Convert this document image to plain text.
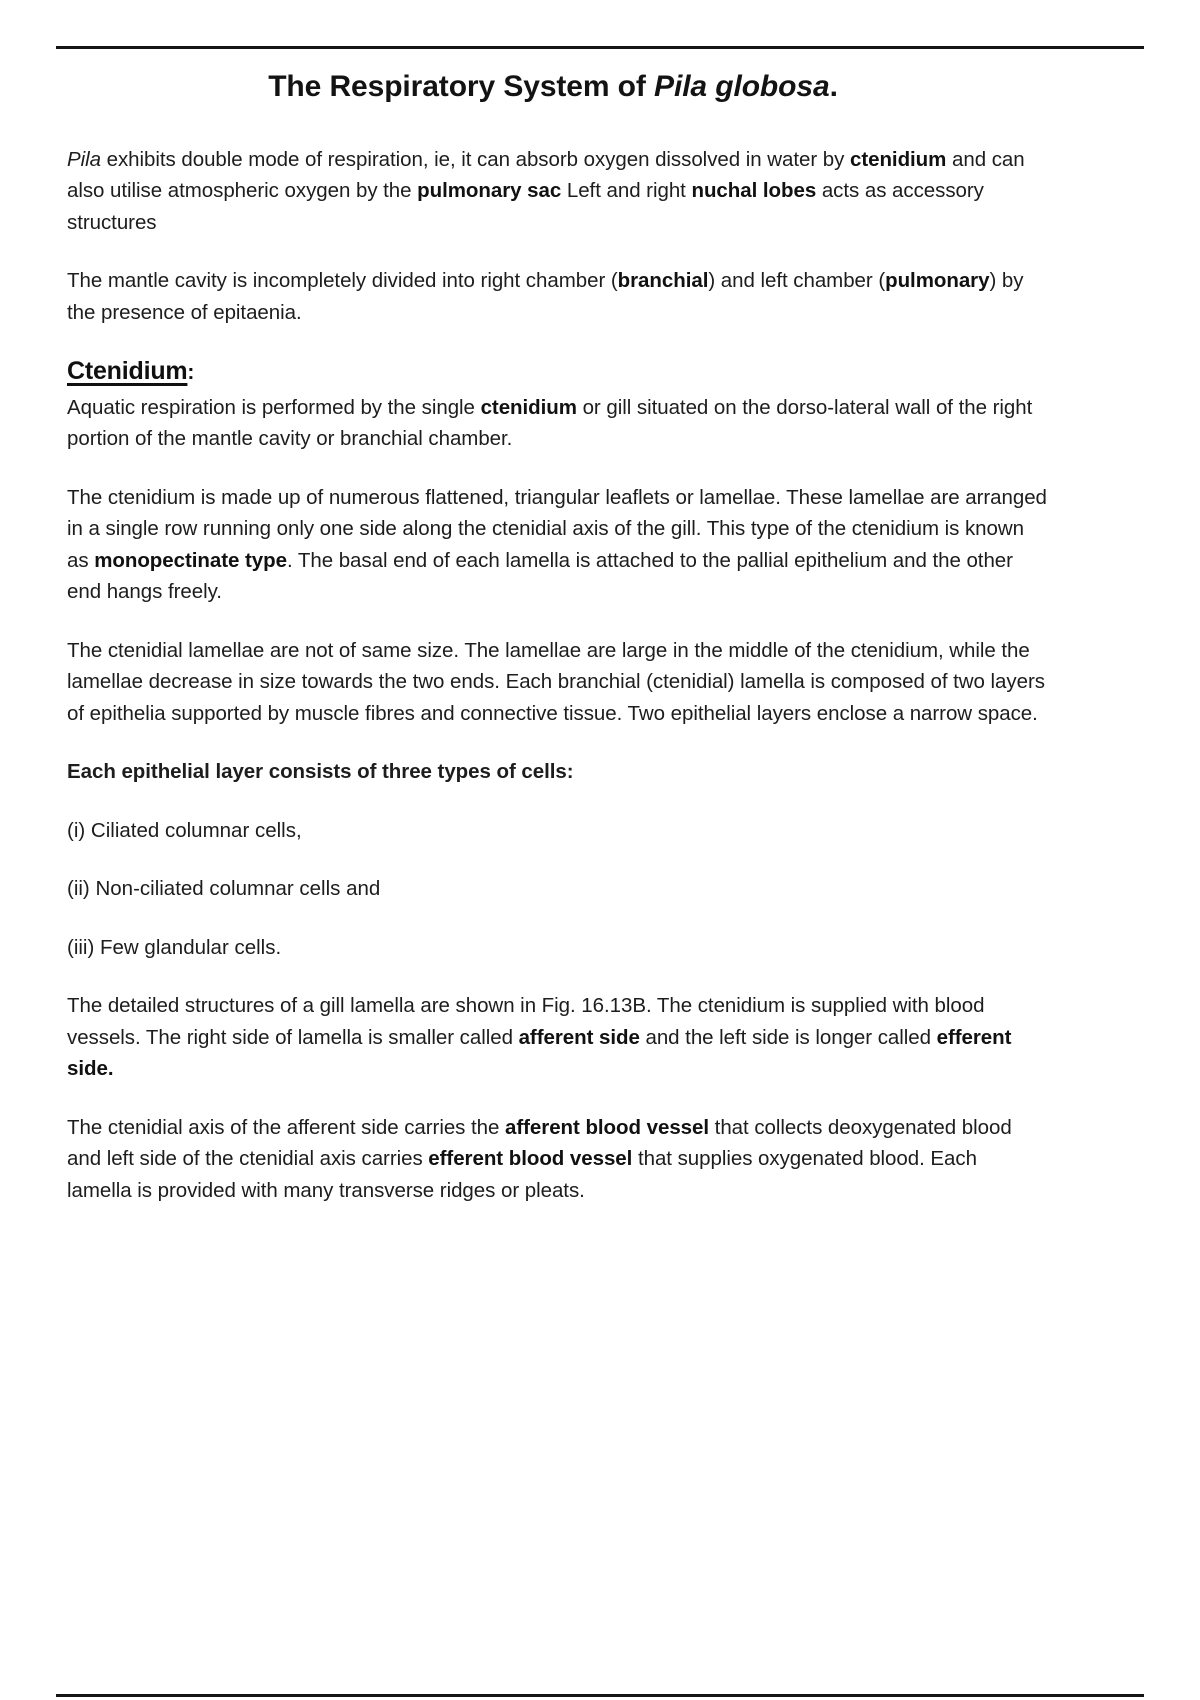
The Respiratory System of Pila globosa.

Pila exhibits double mode of respiration, ie, it can absorb oxygen dissolved in water by ctenidium and can also utilise atmospheric oxygen by the pulmonary sac Left and right nuchal lobes acts as accessory structures

The mantle cavity is incompletely divided into right chamber (branchial) and left chamber (pulmonary) by the presence of epitaenia.

Ctenidium:

Aquatic respiration is performed by the single ctenidium or gill situated on the dorso-lateral wall of the right portion of the mantle cavity or branchial chamber.

The ctenidium is made up of numerous flattened, triangular leaflets or lamellae. These lamellae are arranged in a single row running only one side along the ctenidial axis of the gill. This type of the ctenidium is known as monopectinate type. The basal end of each lamella is attached to the pallial epithelium and the other end hangs freely.

The ctenidial lamellae are not of same size. The lamellae are large in the middle of the ctenidium, while the lamellae decrease in size towards the two ends. Each branchial (ctenidial) lamella is composed of two layers of epithelia supported by muscle fibres and connective tissue. Two epithelial layers enclose a narrow space.

Each epithelial layer consists of three types of cells:

(i) Ciliated columnar cells,

(ii) Non-ciliated columnar cells and

(iii) Few glandular cells.

The detailed structures of a gill lamella are shown in Fig. 16.13B. The ctenidium is supplied with blood vessels. The right side of lamella is smaller called afferent side and the left side is longer called efferent side.

The ctenidial axis of the afferent side carries the afferent blood vessel that collects deoxygenated blood and left side of the ctenidial axis carries efferent blood vessel that supplies oxygenated blood. Each lamella is provided with many transverse ridges or pleats.
